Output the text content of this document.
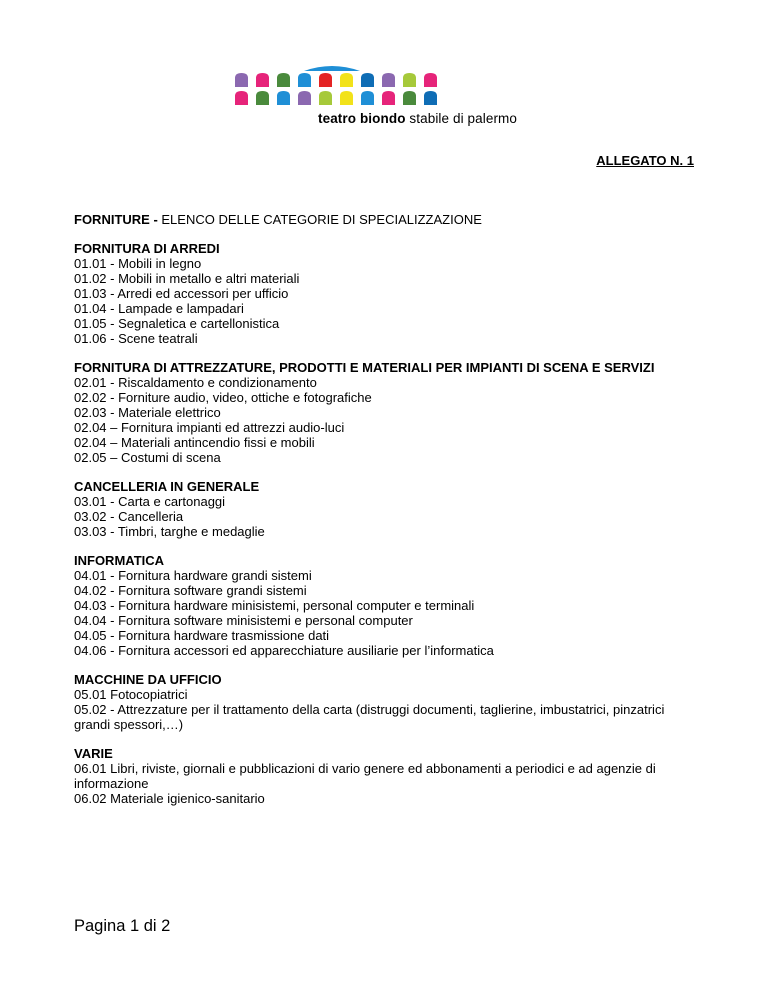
teatro biondo stabile di palermo
ALLEGATO N. 1
FORNITURE - ELENCO DELLE CATEGORIE DI SPECIALIZZAZIONE
FORNITURA DI ARREDI
01.01 - Mobili in legno
01.02 - Mobili in metallo e altri materiali
01.03 - Arredi ed accessori per ufficio
01.04 - Lampade e lampadari
01.05 - Segnaletica e cartellonistica
01.06 - Scene teatrali
FORNITURA DI ATTREZZATURE, PRODOTTI E MATERIALI PER IMPIANTI DI SCENA E SERVIZI
02.01 - Riscaldamento e condizionamento
02.02 - Forniture audio, video, ottiche e fotografiche
02.03 - Materiale elettrico
02.04 – Fornitura impianti ed attrezzi audio-luci
02.04 – Materiali antincendio fissi e mobili
02.05 – Costumi di scena
CANCELLERIA IN GENERALE
03.01 - Carta e cartonaggi
03.02 - Cancelleria
03.03 - Timbri, targhe e medaglie
INFORMATICA
04.01 - Fornitura hardware grandi sistemi
04.02 - Fornitura software grandi sistemi
04.03 - Fornitura hardware minisistemi, personal computer e terminali
04.04 - Fornitura software minisistemi e personal computer
04.05 - Fornitura hardware trasmissione dati
04.06 - Fornitura accessori ed apparecchiature ausiliarie per l’informatica
MACCHINE DA UFFICIO
05.01 Fotocopiatrici
05.02 - Attrezzature per il trattamento della carta (distruggi documenti, taglierine, imbustatrici, pinzatrici grandi spessori,…)
VARIE
06.01 Libri, riviste, giornali e pubblicazioni di vario genere ed abbonamenti a periodici e ad agenzie di informazione
06.02 Materiale igienico-sanitario
Pagina 1 di 2
